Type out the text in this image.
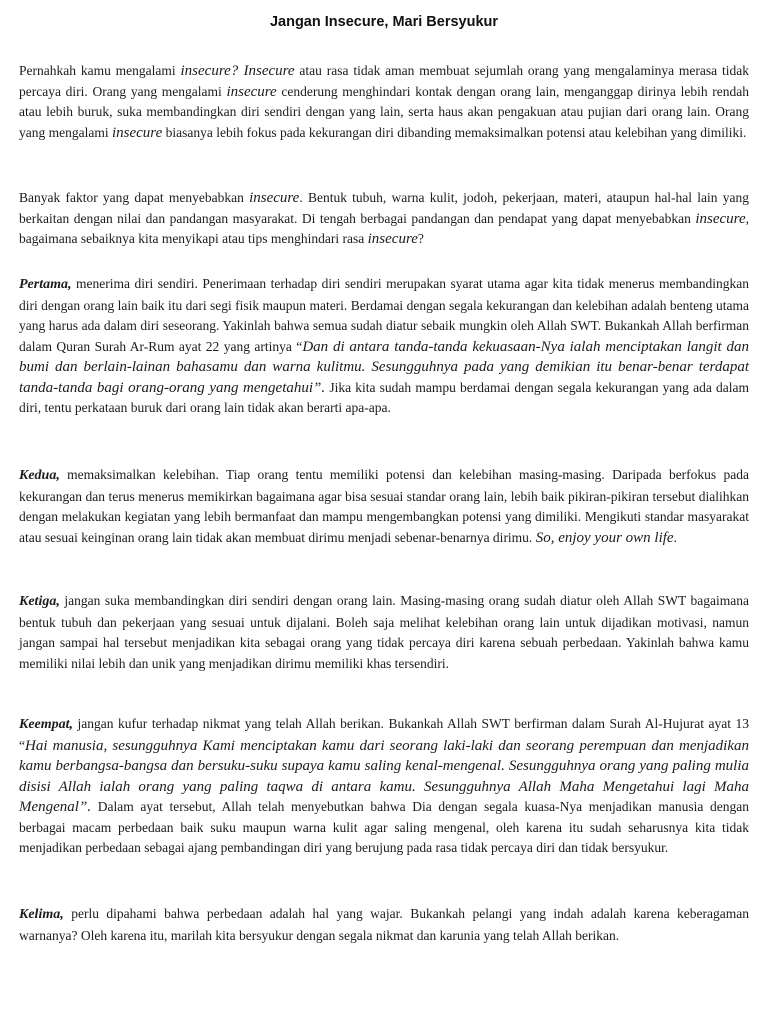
Jangan Insecure, Mari Bersyukur

Pernahkah kamu mengalami insecure? Insecure atau rasa tidak aman membuat sejumlah orang yang mengalaminya merasa tidak percaya diri. Orang yang mengalami insecure cenderung menghindari kontak dengan orang lain, menganggap dirinya lebih rendah atau lebih buruk, suka membandingkan diri sendiri dengan yang lain, serta haus akan pengakuan atau pujian dari orang lain. Orang yang mengalami insecure biasanya lebih fokus pada kekurangan diri dibanding memaksimalkan potensi atau kelebihan yang dimiliki.

Banyak faktor yang dapat menyebabkan insecure. Bentuk tubuh, warna kulit, jodoh, pekerjaan, materi, ataupun hal-hal lain yang berkaitan dengan nilai dan pandangan masyarakat. Di tengah berbagai pandangan dan pendapat yang dapat menyebabkan insecure, bagaimana sebaiknya kita menyikapi atau tips menghindari rasa insecure?

Pertama, menerima diri sendiri. Penerimaan terhadap diri sendiri merupakan syarat utama agar kita tidak menerus membandingkan diri dengan orang lain baik itu dari segi fisik maupun materi. Berdamai dengan segala kekurangan dan kelebihan adalah benteng utama yang harus ada dalam diri seseorang. Yakinlah bahwa semua sudah diatur sebaik mungkin oleh Allah SWT. Bukankah Allah berfirman dalam Quran Surah Ar-Rum ayat 22 yang artinya “Dan di antara tanda-tanda kekuasaan-Nya ialah menciptakan langit dan bumi dan berlain-lainan bahasamu dan warna kulitmu. Sesungguhnya pada yang demikian itu benar-benar terdapat tanda-tanda bagi orang-orang yang mengetahui”. Jika kita sudah mampu berdamai dengan segala kekurangan yang ada dalam diri, tentu perkataan buruk dari orang lain tidak akan berarti apa-apa.

Kedua, memaksimalkan kelebihan. Tiap orang tentu memiliki potensi dan kelebihan masing-masing. Daripada berfokus pada kekurangan dan terus menerus memikirkan bagaimana agar bisa sesuai standar orang lain, lebih baik pikiran-pikiran tersebut dialihkan dengan melakukan kegiatan yang lebih bermanfaat dan mampu mengembangkan potensi yang dimiliki. Mengikuti standar masyarakat atau sesuai keinginan orang lain tidak akan membuat dirimu menjadi sebenar-benarnya dirimu. So, enjoy your own life.

Ketiga, jangan suka membandingkan diri sendiri dengan orang lain. Masing-masing orang sudah diatur oleh Allah SWT bagaimana bentuk tubuh dan pekerjaan yang sesuai untuk dijalani. Boleh saja melihat kelebihan orang lain untuk dijadikan motivasi, namun jangan sampai hal tersebut menjadikan kita sebagai orang yang tidak percaya diri karena sebuah perbedaan. Yakinlah bahwa kamu memiliki nilai lebih dan unik yang menjadikan dirimu memiliki khas tersendiri.

Keempat, jangan kufur terhadap nikmat yang telah Allah berikan. Bukankah Allah SWT berfirman dalam Surah Al-Hujurat ayat 13 “Hai manusia, sesungguhnya Kami menciptakan kamu dari seorang laki-laki dan seorang perempuan dan menjadikan kamu berbangsa-bangsa dan bersuku-suku supaya kamu saling kenal-mengenal. Sesungguhnya orang yang paling mulia disisi Allah ialah orang yang paling taqwa di antara kamu. Sesungguhnya Allah Maha Mengetahui lagi Maha Mengenal”. Dalam ayat tersebut, Allah telah menyebutkan bahwa Dia dengan segala kuasa-Nya menjadikan manusia dengan berbagai macam perbedaan baik suku maupun warna kulit agar saling mengenal, oleh karena itu sudah seharusnya kita tidak menjadikan perbedaan sebagai ajang pembandingan diri yang berujung pada rasa tidak percaya diri dan tidak bersyukur.

Kelima, perlu dipahami bahwa perbedaan adalah hal yang wajar. Bukankah pelangi yang indah adalah karena keberagaman warnanya? Oleh karena itu, marilah kita bersyukur dengan segala nikmat dan karunia yang telah Allah berikan.
